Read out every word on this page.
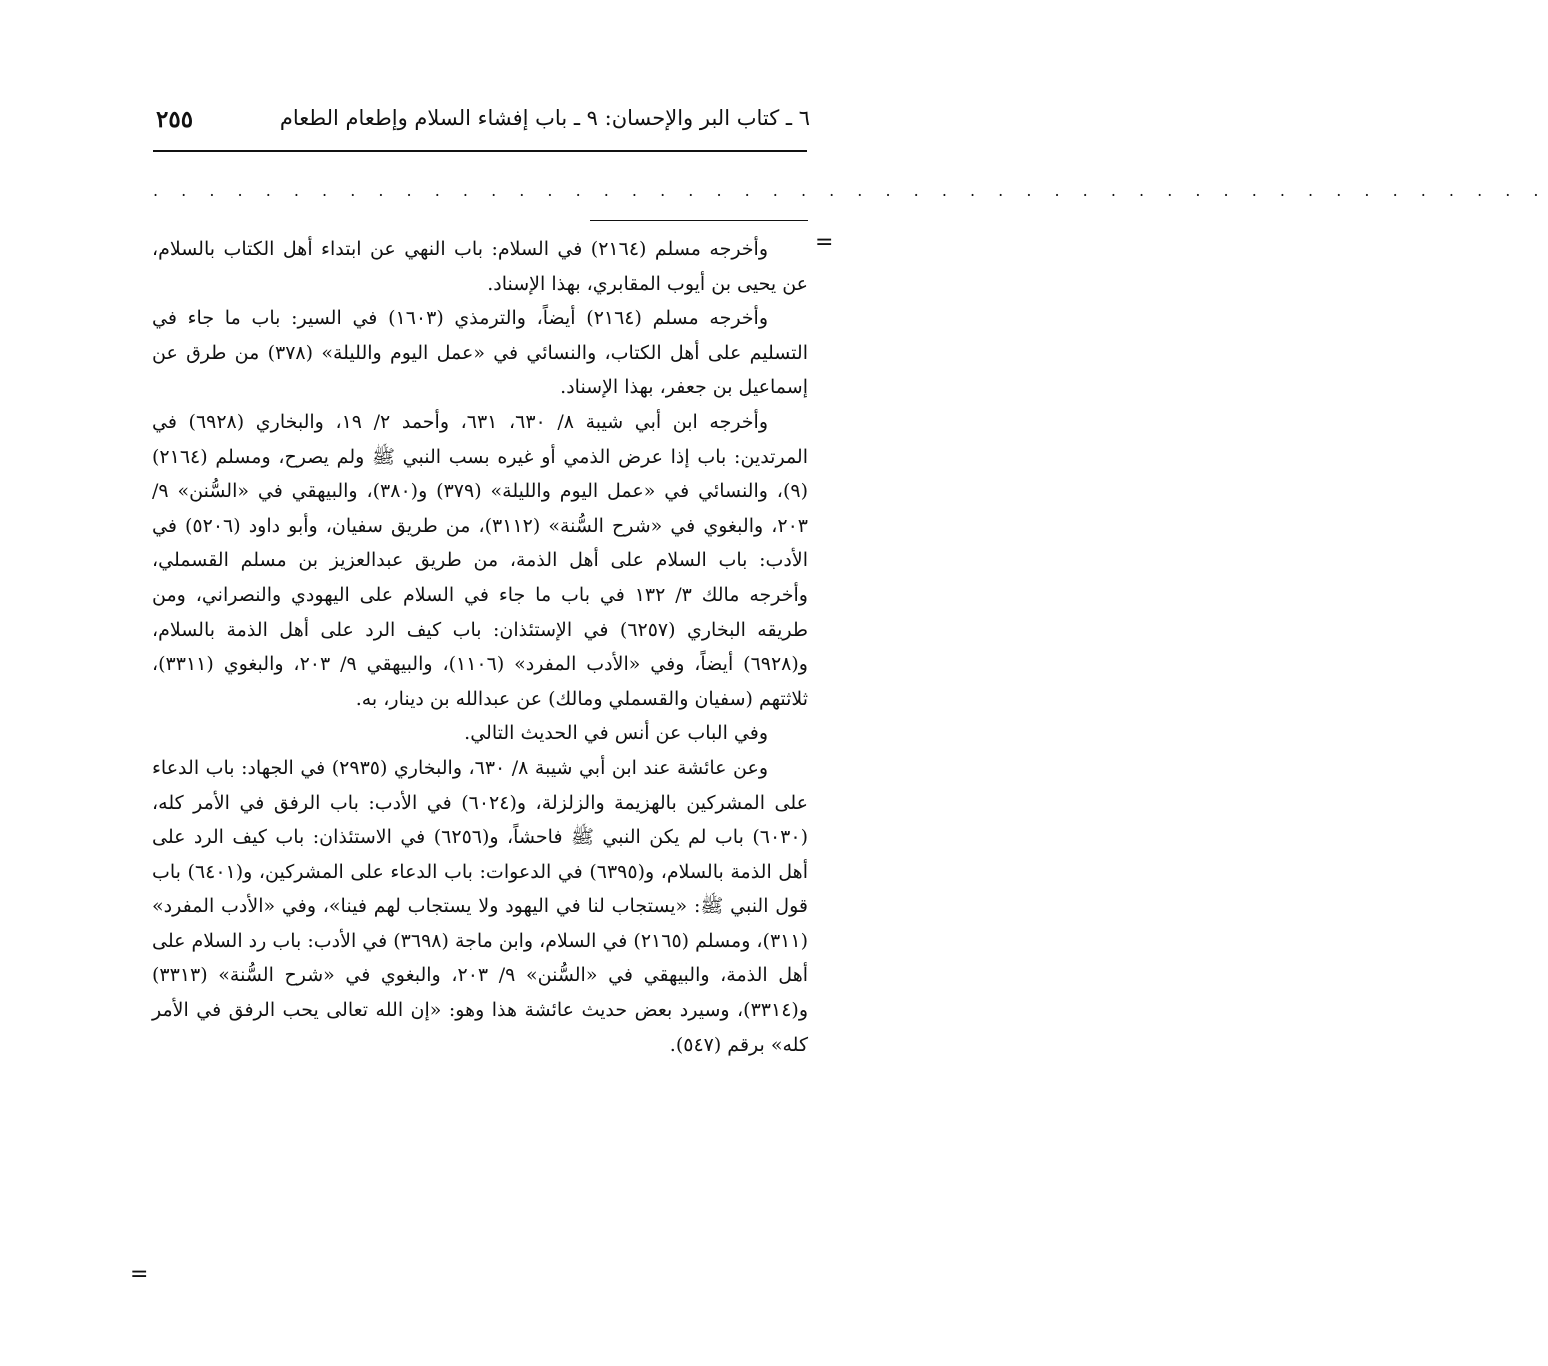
٦ ـ كتاب البر والإحسان: ٩ ـ باب إفشاء السلام وإطعام الطعام
٢٥٥
. . . . . . . . . . . . . . . . . . . . . . . . . . . . . . . . . . . . . . . . . . . . . . . . . .
=

وأخرجه مسلم (٢١٦٤) في السلام: باب النهي عن ابتداء أهل الكتاب بالسلام، عن يحيى بن أيوب المقابري، بهذا الإسناد.

وأخرجه مسلم (٢١٦٤) أيضاً، والترمذي (١٦٠٣) في السير: باب ما جاء في التسليم على أهل الكتاب، والنسائي في «عمل اليوم والليلة» (٣٧٨) من طرق عن إسماعيل بن جعفر، بهذا الإسناد.

وأخرجه ابن أبي شيبة ٨/ ٦٣٠، ٦٣١، وأحمد ٢/ ١٩، والبخاري (٦٩٢٨) في المرتدين: باب إذا عرض الذمي أو غيره بسب النبي ﷺ ولم يصرح، ومسلم (٢١٦٤) (٩)، والنسائي في «عمل اليوم والليلة» (٣٧٩) و(٣٨٠)، والبيهقي في «السُّنن» ٩/ ٢٠٣، والبغوي في «شرح السُّنة» (٣١١٢)، من طريق سفيان، وأبو داود (٥٢٠٦) في الأدب: باب السلام على أهل الذمة، من طريق عبدالعزيز بن مسلم القسملي، وأخرجه مالك ٣/ ١٣٢ في باب ما جاء في السلام على اليهودي والنصراني، ومن طريقه البخاري (٦٢٥٧) في الإستئذان: باب كيف الرد على أهل الذمة بالسلام، و(٦٩٢٨) أيضاً، وفي «الأدب المفرد» (١١٠٦)، والبيهقي ٩/ ٢٠٣، والبغوي (٣٣١١)، ثلاثتهم (سفيان والقسملي ومالك) عن عبدالله بن دينار، به.

وفي الباب عن أنس في الحديث التالي.

وعن عائشة عند ابن أبي شيبة ٨/ ٦٣٠، والبخاري (٢٩٣٥) في الجهاد: باب الدعاء على المشركين بالهزيمة والزلزلة، و(٦٠٢٤) في الأدب: باب الرفق في الأمر كله، (٦٠٣٠) باب لم يكن النبي ﷺ فاحشاً، و(٦٢٥٦) في الاستئذان: باب كيف الرد على أهل الذمة بالسلام، و(٦٣٩٥) في الدعوات: باب الدعاء على المشركين، و(٦٤٠١) باب قول النبي ﷺ: «يستجاب لنا في اليهود ولا يستجاب لهم فينا»، وفي «الأدب المفرد» (٣١١)، ومسلم (٢١٦٥) في السلام، وابن ماجة (٣٦٩٨) في الأدب: باب رد السلام على أهل الذمة، والبيهقي في «السُّنن» ٩/ ٢٠٣، والبغوي في «شرح السُّنة» (٣٣١٣) و(٣٣١٤)، وسيرد بعض حديث عائشة هذا وهو: «إن الله تعالى يحب الرفق في الأمر كله» برقم (٥٤٧).

=
